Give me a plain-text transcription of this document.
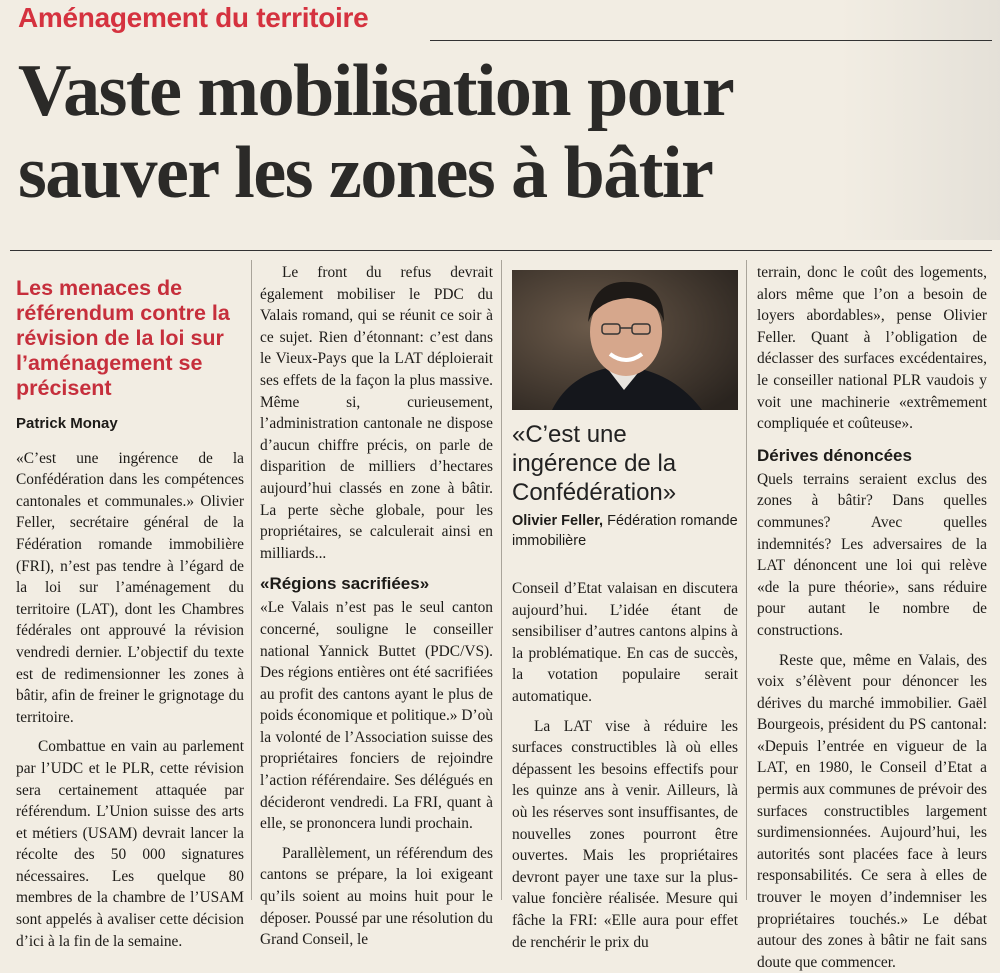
Aménagement du territoire
Vaste mobilisation pour
sauver les zones à bâtir
Les menaces de référendum contre la révision de la loi sur l’aménagement se précisent
Patrick Monay

«C’est une ingérence de la Confédération dans les compétences cantonales et communales.» Olivier Feller, secrétaire général de la Fédération romande immobilière (FRI), n’est pas tendre à l’égard de la loi sur l’aménagement du territoire (LAT), dont les Chambres fédérales ont approuvé la révision vendredi dernier. L’objectif du texte est de redimensionner les zones à bâtir, afin de freiner le grignotage du territoire.

Combattue en vain au parlement par l’UDC et le PLR, cette révision sera certainement attaquée par référendum. L’Union suisse des arts et métiers (USAM) devrait lancer la récolte des 50 000 signatures nécessaires. Les quelque 80 membres de la chambre de l’USAM sont appelés à avaliser cette décision d’ici à la fin de la semaine.

Le front du refus devrait également mobiliser le PDC du Valais romand, qui se réunit ce soir à ce sujet. Rien d’étonnant: c’est dans le Vieux-Pays que la LAT déploierait ses effets de la façon la plus massive. Même si, curieusement, l’administration cantonale ne dispose d’aucun chiffre précis, on parle de disparition de milliers d’hectares aujourd’hui classés en zone à bâtir. La perte sèche globale, pour les propriétaires, se calculerait ainsi en milliards...

«Régions sacrifiées»

«Le Valais n’est pas le seul canton concerné, souligne le conseiller national Yannick Buttet (PDC/VS). Des régions entières ont été sacrifiées au profit des cantons ayant le plus de poids économique et politique.» D’où la volonté de l’Association suisse des propriétaires fonciers de rejoindre l’action référendaire. Ses délégués en décideront vendredi. La FRI, quant à elle, se prononcera lundi prochain.

Parallèlement, un référendum des cantons se prépare, la loi exigeant qu’ils soient au moins huit pour le déposer. Poussé par une résolution du Grand Conseil, le

«C’est une ingérence de la Confédération»
Olivier Feller, Fédération romande immobilière

Conseil d’Etat valaisan en discutera aujourd’hui. L’idée étant de sensibiliser d’autres cantons alpins à la problématique. En cas de succès, la votation populaire serait automatique.

La LAT vise à réduire les surfaces constructibles là où elles dépassent les besoins effectifs pour les quinze ans à venir. Ailleurs, là où les réserves sont insuffisantes, de nouvelles zones pourront être ouvertes. Mais les propriétaires devront payer une taxe sur la plus-value foncière réalisée. Mesure qui fâche la FRI: «Elle aura pour effet de renchérir le prix du

terrain, donc le coût des logements, alors même que l’on a besoin de loyers abordables», pense Olivier Feller. Quant à l’obligation de déclasser des surfaces excédentaires, le conseiller national PLR vaudois y voit une machinerie «extrêmement compliquée et coûteuse».

Dérives dénoncées

Quels terrains seraient exclus des zones à bâtir? Dans quelles communes? Avec quelles indemnités? Les adversaires de la LAT dénoncent une loi qui relève «de la pure théorie», sans réduire pour autant le nombre de constructions.

Reste que, même en Valais, des voix s’élèvent pour dénoncer les dérives du marché immobilier. Gaël Bourgeois, président du PS cantonal: «Depuis l’entrée en vigueur de la LAT, en 1980, le Conseil d’Etat a permis aux communes de prévoir des surfaces constructibles largement surdimensionnées. Aujourd’hui, les autorités sont placées face à leurs responsabilités. Ce sera à elles de trouver le moyen d’indemniser les propriétaires touchés.» Le débat autour des zones à bâtir ne fait sans doute que commencer.
